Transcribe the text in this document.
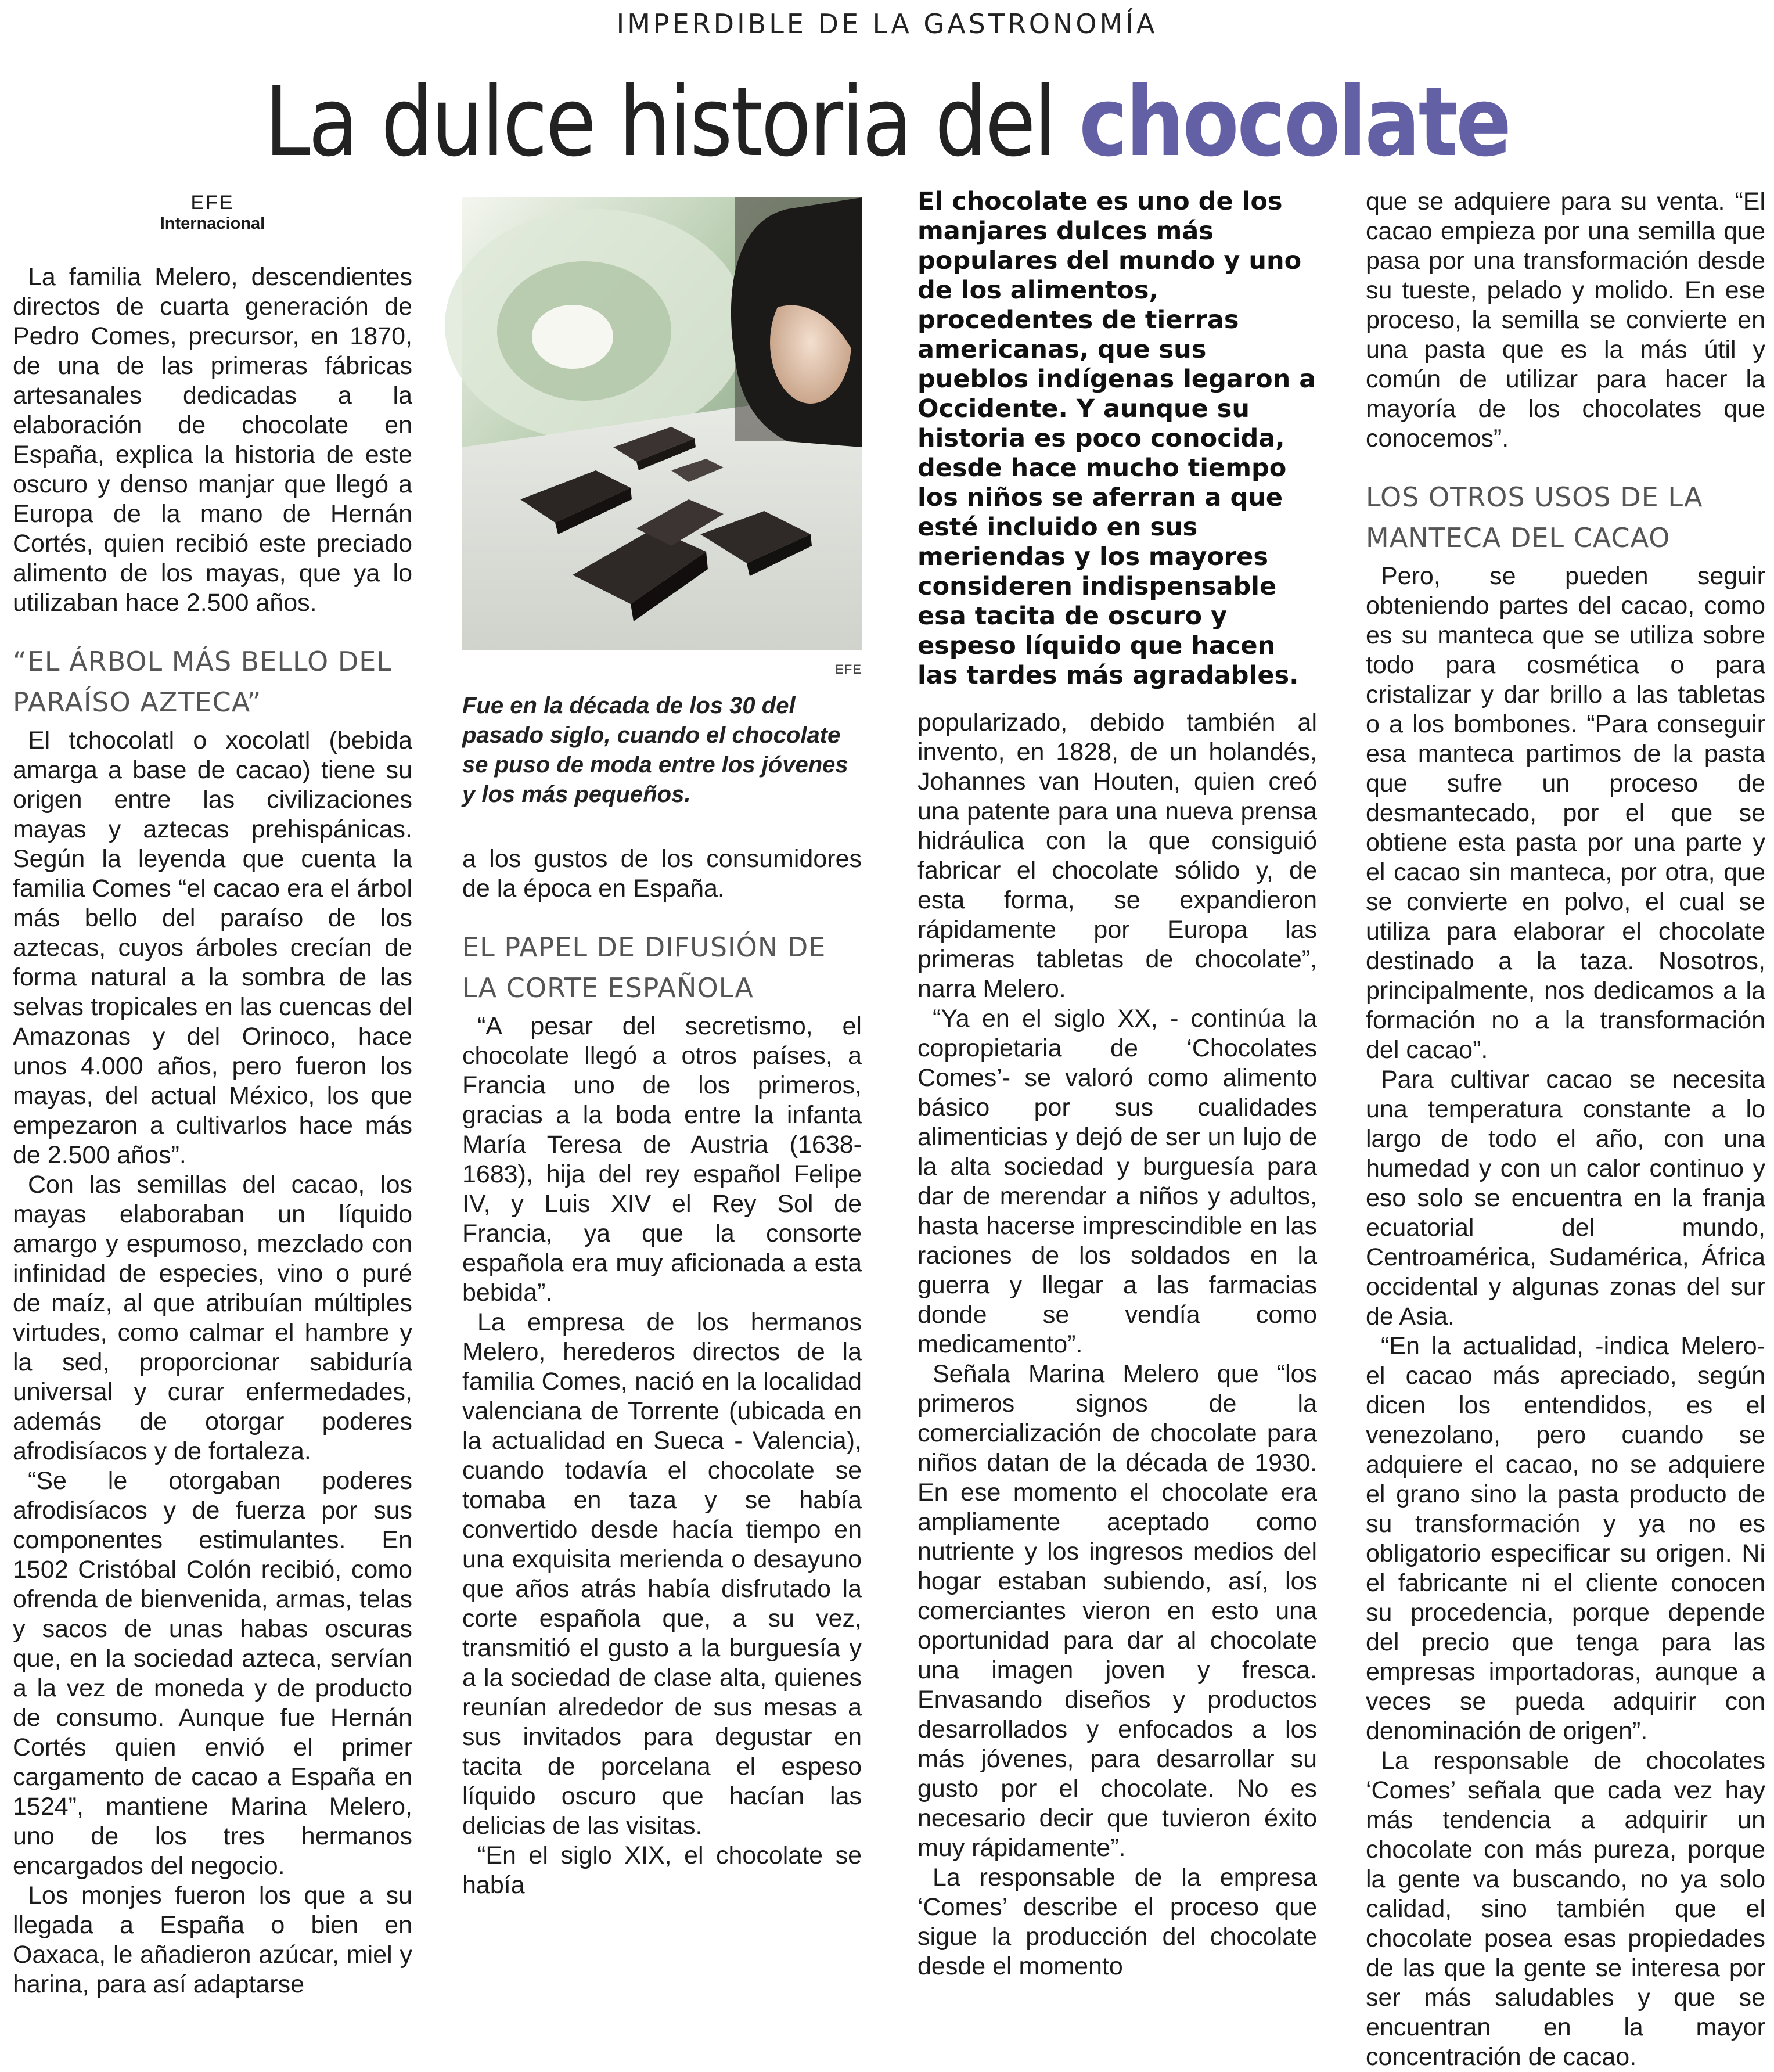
IMPERDIBLE DE LA GASTRONOMÍA
La dulce historia del chocolate
EFE
Internacional

La familia Melero, descendientes directos de cuarta generación de Pedro Comes, precursor, en 1870, de una de las primeras fábricas artesanales dedicadas a la elaboración de chocolate en España, explica la historia de este oscuro y denso manjar que llegó a Europa de la mano de Hernán Cortés, quien recibió este preciado alimento de los mayas, que ya lo utilizaban hace 2.500 años.

“EL ÁRBOL MÁS BELLO DEL PARAÍSO AZTECA”

El tchocolatl o xocolatl (bebida amarga a base de cacao) tiene su origen entre las civilizaciones mayas y aztecas prehispánicas. Según la leyenda que cuenta la familia Comes “el cacao era el árbol más bello del paraíso de los aztecas, cuyos árboles crecían de forma natural a la sombra de las selvas tropicales en las cuencas del Amazonas y del Orinoco, hace unos 4.000 años, pero fueron los mayas, del actual México, los que empezaron a cultivarlos hace más de 2.500 años”.

Con las semillas del cacao, los mayas elaboraban un líquido amargo y espumoso, mezclado con infinidad de especies, vino o puré de maíz, al que atribuían múltiples virtudes, como calmar el hambre y la sed, proporcionar sabiduría universal y curar enfermedades, además de otorgar poderes afrodisíacos y de fortaleza.

“Se le otorgaban poderes afrodisíacos y de fuerza por sus componentes estimulantes. En 1502 Cristóbal Colón recibió, como ofrenda de bienvenida, armas, telas y sacos de unas habas oscuras que, en la sociedad azteca, servían a la vez de moneda y de producto de consumo. Aunque fue Hernán Cortés quien envió el primer cargamento de cacao a España en 1524”, mantiene Marina Melero, uno de los tres hermanos encargados del negocio.

Los monjes fueron los que a su llegada a España o bien en Oaxaca, le añadieron azúcar, miel y harina, para así adaptarse

EFE
Fue en la década de los 30 del pasado siglo, cuando el chocolate se puso de moda entre los jóvenes y los más pequeños.

a los gustos de los consumidores de la época en España.

EL PAPEL DE DIFUSIÓN DE LA CORTE ESPAÑOLA

“A pesar del secretismo, el chocolate llegó a otros países, a Francia uno de los primeros, gracias a la boda entre la infanta María Teresa de Austria (1638-1683), hija del rey español Felipe IV, y Luis XIV el Rey Sol de Francia, ya que la consorte española era muy aficionada a esta bebida”.

La empresa de los hermanos Melero, herederos directos de la familia Comes, nació en la localidad valenciana de Torrente (ubicada en la actualidad en Sueca - Valencia), cuando todavía el chocolate se tomaba en taza y se había convertido desde hacía tiempo en una exquisita merienda o desayuno que años atrás había disfrutado la corte española que, a su vez, transmitió el gusto a la burguesía y a la sociedad de clase alta, quienes reunían alrededor de sus mesas a sus invitados para degustar en tacita de porcelana el espeso líquido oscuro que hacían las delicias de las visitas.

“En el siglo XIX, el chocolate se había

El chocolate es uno de los manjares dulces más populares del mundo y uno de los alimentos, procedentes de tierras americanas, que sus pueblos indígenas legaron a Occidente. Y aunque su historia es poco conocida, desde hace mucho tiempo los niños se aferran a que esté incluido en sus meriendas y los mayores consideren indispensable esa tacita de oscuro y espeso líquido que hacen las tardes más agradables.

popularizado, debido también al invento, en 1828, de un holandés, Johannes van Houten, quien creó una patente para una nueva prensa hidráulica con la que consiguió fabricar el chocolate sólido y, de esta forma, se expandieron rápidamente por Europa las primeras tabletas de chocolate”, narra Melero.

“Ya en el siglo XX, - continúa la copropietaria de ‘Chocolates Comes’- se valoró como alimento básico por sus cualidades alimenticias y dejó de ser un lujo de la alta sociedad y burguesía para dar de merendar a niños y adultos, hasta hacerse imprescindible en las raciones de los soldados en la guerra y llegar a las farmacias donde se vendía como medicamento”.

Señala Marina Melero que “los primeros signos de la comercialización de chocolate para niños datan de la década de 1930. En ese momento el chocolate era ampliamente aceptado como nutriente y los ingresos medios del hogar estaban subiendo, así, los comerciantes vieron en esto una oportunidad para dar al chocolate una imagen joven y fresca. Envasando diseños y productos desarrollados y enfocados a los más jóvenes, para desarrollar su gusto por el chocolate. No es necesario decir que tuvieron éxito muy rápidamente”.

La responsable de la empresa ‘Comes’ describe el proceso que sigue la producción del chocolate desde el momento

que se adquiere para su venta. “El cacao empieza por una semilla que pasa por una transformación desde su tueste, pelado y molido. En ese proceso, la semilla se convierte en una pasta que es la más útil y común de utilizar para hacer la mayoría de los chocolates que conocemos”.

LOS OTROS USOS DE LA MANTECA DEL CACAO

Pero, se pueden seguir obteniendo partes del cacao, como es su manteca que se utiliza sobre todo para cosmética o para cristalizar y dar brillo a las tabletas o a los bombones. “Para conseguir esa manteca partimos de la pasta que sufre un proceso de desmantecado, por el que se obtiene esta pasta por una parte y el cacao sin manteca, por otra, que se convierte en polvo, el cual se utiliza para elaborar el chocolate destinado a la taza. Nosotros, principalmente, nos dedicamos a la formación no a la transformación del cacao”.

Para cultivar cacao se necesita una temperatura constante a lo largo de todo el año, con una humedad y con un calor continuo y eso solo se encuentra en la franja ecuatorial del mundo, Centroamérica, Sudamérica, África occidental y algunas zonas del sur de Asia.

“En la actualidad, -indica Melero- el cacao más apreciado, según dicen los entendidos, es el venezolano, pero cuando se adquiere el cacao, no se adquiere el grano sino la pasta producto de su transformación y ya no es obligatorio especificar su origen. Ni el fabricante ni el cliente conocen su procedencia, porque depende del precio que tenga para las empresas importadoras, aunque a veces se pueda adquirir con denominación de origen”.

La responsable de chocolates ‘Comes’ señala que cada vez hay más tendencia a adquirir un chocolate con más pureza, porque la gente va buscando, no ya solo calidad, sino también que el chocolate posea esas propiedades de las que la gente se interesa por ser más saludables y que se encuentran en la mayor concentración de cacao.
